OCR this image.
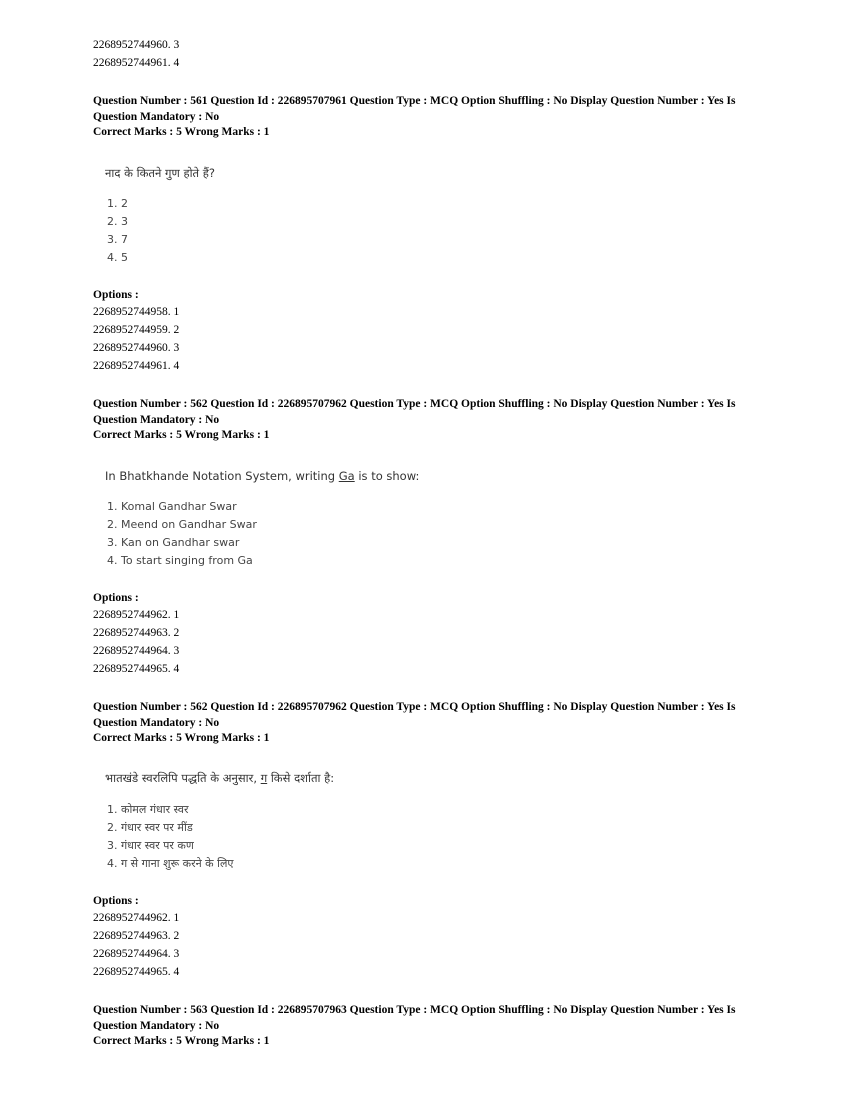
2268952744960. 3
2268952744961. 4
Question Number : 561 Question Id : 226895707961 Question Type : MCQ Option Shuffling : No Display Question Number : Yes Is Question Mandatory : No
Correct Marks : 5 Wrong Marks : 1
नाद के कितने गुण होते हैं?
1. 2
2. 3
3. 7
4. 5
Options :
2268952744958. 1
2268952744959. 2
2268952744960. 3
2268952744961. 4
Question Number : 562 Question Id : 226895707962 Question Type : MCQ Option Shuffling : No Display Question Number : Yes Is Question Mandatory : No
Correct Marks : 5 Wrong Marks : 1
In Bhatkhande Notation System, writing Ga is to show:
1. Komal Gandhar Swar
2. Meend on Gandhar Swar
3. Kan on Gandhar swar
4. To start singing from Ga
Options :
2268952744962. 1
2268952744963. 2
2268952744964. 3
2268952744965. 4
Question Number : 562 Question Id : 226895707962 Question Type : MCQ Option Shuffling : No Display Question Number : Yes Is Question Mandatory : No
Correct Marks : 5 Wrong Marks : 1
भातखंडे स्वरलिपि पद्धति के अनुसार, ग किसे दर्शाता है:
1. कोमल गंधार स्वर
2. गंधार स्वर पर मींड
3. गंधार स्वर पर कण
4. ग से गाना शुरू करने के लिए
Options :
2268952744962. 1
2268952744963. 2
2268952744964. 3
2268952744965. 4
Question Number : 563 Question Id : 226895707963 Question Type : MCQ Option Shuffling : No Display Question Number : Yes Is Question Mandatory : No
Correct Marks : 5 Wrong Marks : 1
